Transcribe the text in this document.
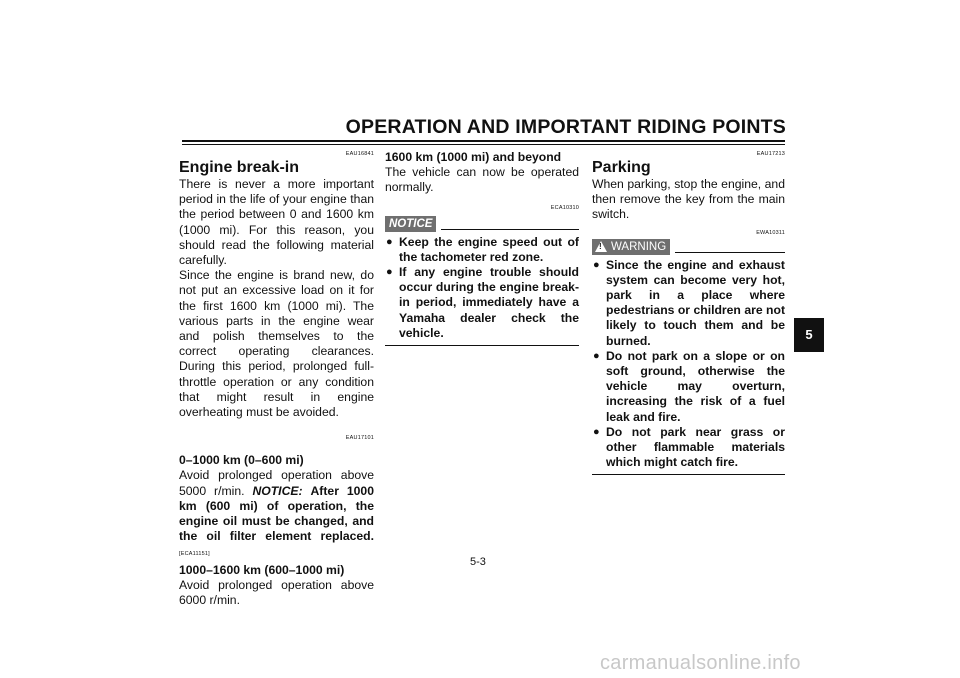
OPERATION AND IMPORTANT RIDING POINTS
EAU16841
Engine break-in

There is never a more important period in the life of your engine than the period between 0 and 1600 km (1000 mi). For this reason, you should read the following material carefully.

Since the engine is brand new, do not put an excessive load on it for the first 1600 km (1000 mi). The various parts in the engine wear and polish themselves to the correct operating clearances. During this period, prolonged full-throttle operation or any condition that might result in engine overheating must be avoided.

EAU17101
0–1000 km (0–600 mi)

Avoid prolonged operation above 5000 r/min. NOTICE: After 1000 km (600 mi) of operation, the engine oil must be changed, and the oil filter element replaced. [ECA11151]

1000–1600 km (600–1000 mi)

Avoid prolonged operation above 6000 r/min.

1600 km (1000 mi) and beyond

The vehicle can now be operated normally.

ECA10310
NOTICE
● Keep the engine speed out of the tachometer red zone.
● If any engine trouble should occur during the engine break-in period, immediately have a Yamaha dealer check the vehicle.
EAU17213
Parking

When parking, stop the engine, and then remove the key from the main switch.

EWA10311
! WARNING
● Since the engine and exhaust system can become very hot, park in a place where pedestrians or children are not likely to touch them and be burned.
● Do not park on a slope or on soft ground, otherwise the vehicle may overturn, increasing the risk of a fuel leak and fire.
● Do not park near grass or other flammable materials which might catch fire.
5
5-3
carmanualsonline.info
